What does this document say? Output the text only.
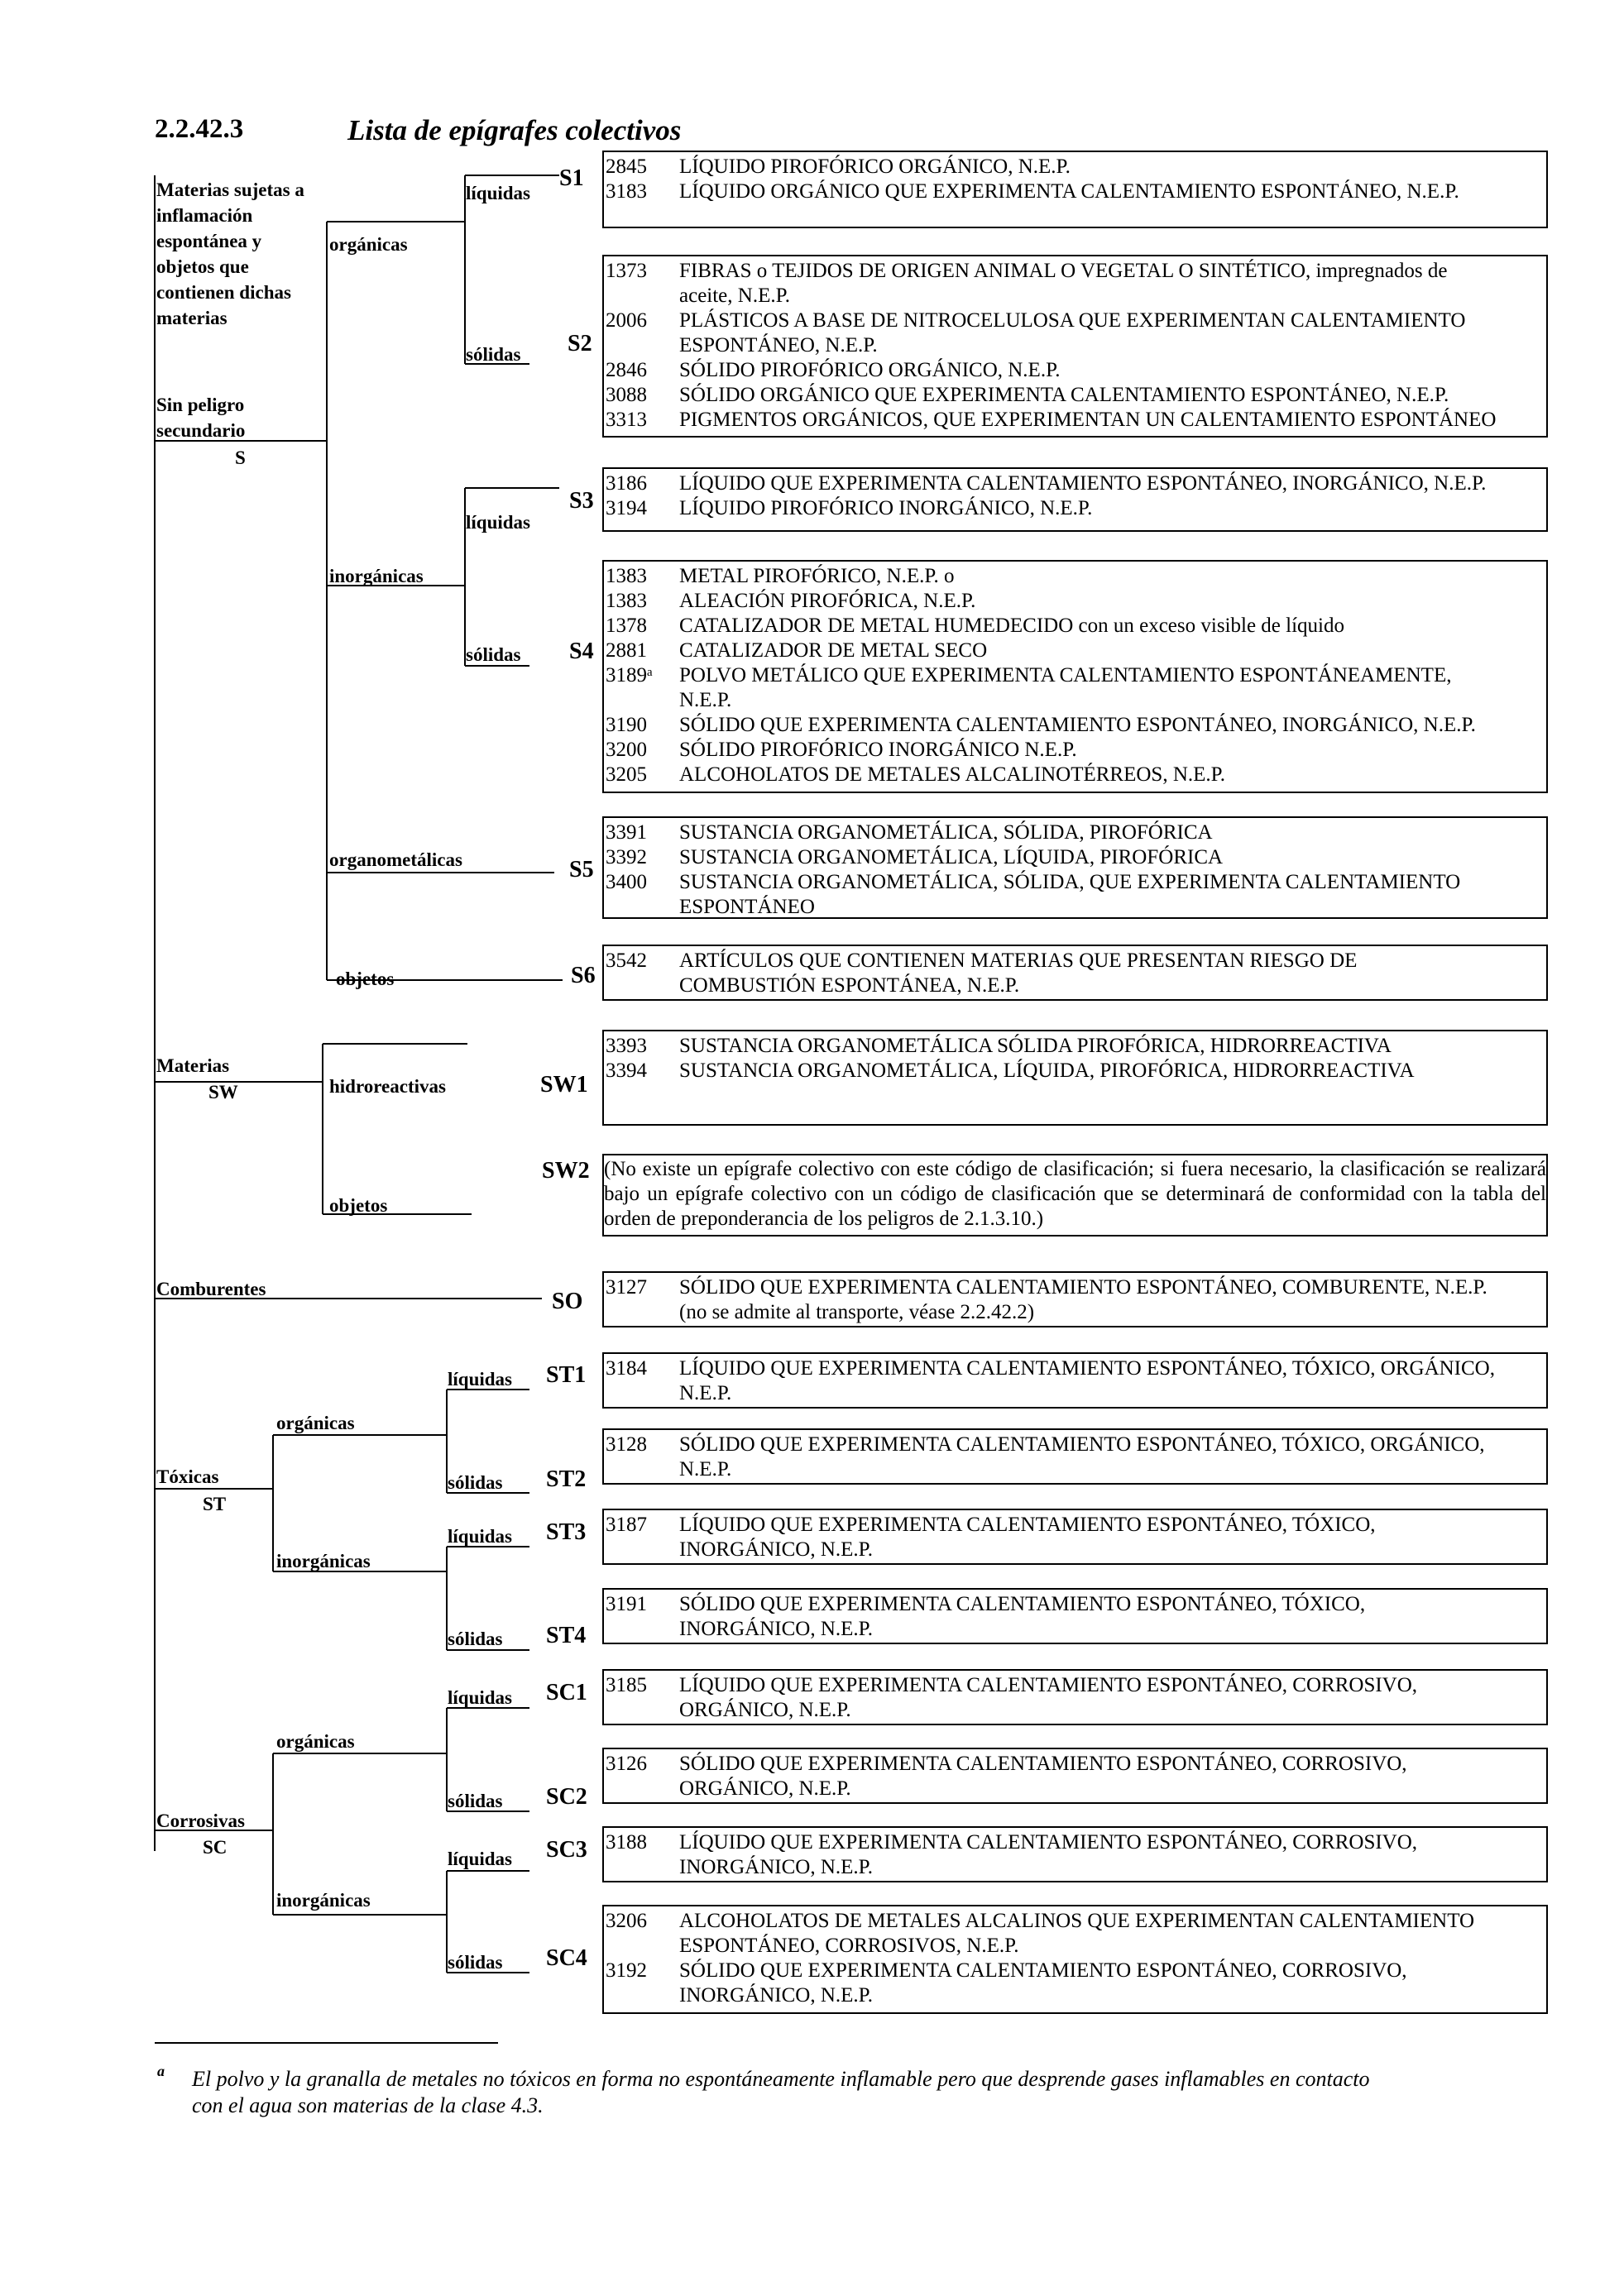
2.2.42.3	Lista de epígrafes colectivos
Materias sujetas a
inflamación
espontánea y
objetos que
contienen dichas
materias
Sin peligro
secundario
S
orgánicas
líquidas
sólidas
inorgánicas
líquidas
sólidas
organometálicas
objetos
Materias
SW	hidroreactivas
objetos
Comburentes
líquidas
orgánicas
Tóxicas
ST
sólidas
líquidas
inorgánicas
sólidas
líquidas
orgánicas
sólidas
Corrosivas
SC
líquidas
inorgánicas
sólidas
S1
S2
S3
S4
S5
S6
SW1
SW2
SO
ST1
ST2
ST3
ST4
SC1
SC2
SC3
SC4
2845 LÍQUIDO PIROFÓRICO ORGÁNICO, N.E.P.
3183 LÍQUIDO ORGÁNICO QUE EXPERIMENTA CALENTAMIENTO ESPONTÁNEO, N.E.P.
1373 FIBRAS o TEJIDOS DE ORIGEN ANIMAL O VEGETAL O SINTÉTICO, impregnados de
aceite, N.E.P.
2006 PLÁSTICOS A BASE DE NITROCELULOSA QUE EXPERIMENTAN CALENTAMIENTO
ESPONTÁNEO, N.E.P.
2846 SÓLIDO PIROFÓRICO ORGÁNICO, N.E.P.
3088 SÓLIDO ORGÁNICO QUE EXPERIMENTA CALENTAMIENTO ESPONTÁNEO, N.E.P.
3313 PIGMENTOS ORGÁNICOS, QUE EXPERIMENTAN UN CALENTAMIENTO ESPONTÁNEO
3186 LÍQUIDO QUE EXPERIMENTA CALENTAMIENTO ESPONTÁNEO, INORGÁNICO, N.E.P.
3194 LÍQUIDO PIROFÓRICO INORGÁNICO, N.E.P.
1383 METAL PIROFÓRICO, N.E.P. o
1383 ALEACIÓN PIROFÓRICA, N.E.P.
1378 CATALIZADOR DE METAL HUMEDECIDO con un exceso visible de líquido
2881 CATALIZADOR DE METAL SECO
3189ᵃ POLVO METÁLICO QUE EXPERIMENTA CALENTAMIENTO ESPONTÁNEAMENTE,
N.E.P.
3190 SÓLIDO QUE EXPERIMENTA CALENTAMIENTO ESPONTÁNEO, INORGÁNICO, N.E.P.
3200 SÓLIDO PIROFÓRICO INORGÁNICO N.E.P.
3205 ALCOHOLATOS DE METALES ALCALINOTÉRREOS, N.E.P.
3391 SUSTANCIA ORGANOMETÁLICA, SÓLIDA, PIROFÓRICA
3392 SUSTANCIA ORGANOMETÁLICA, LÍQUIDA, PIROFÓRICA
3400 SUSTANCIA ORGANOMETÁLICA, SÓLIDA, QUE EXPERIMENTA CALENTAMIENTO
ESPONTÁNEO
3542 ARTÍCULOS QUE CONTIENEN MATERIAS QUE PRESENTAN RIESGO DE
COMBUSTIÓN ESPONTÁNEA, N.E.P.
3393 SUSTANCIA ORGANOMETÁLICA SÓLIDA PIROFÓRICA, HIDRORREACTIVA
3394 SUSTANCIA ORGANOMETÁLICA, LÍQUIDA, PIROFÓRICA, HIDRORREACTIVA
(No existe un epígrafe colectivo con este código de clasificación; si fuera necesario, la clasificación se realizará bajo un epígrafe colectivo con un código de clasificación que se determinará de conformidad con la tabla del orden de preponderancia de los peligros de 2.1.3.10.)
3127 SÓLIDO QUE EXPERIMENTA CALENTAMIENTO ESPONTÁNEO, COMBURENTE, N.E.P.
(no se admite al transporte, véase 2.2.42.2)
3184 LÍQUIDO QUE EXPERIMENTA CALENTAMIENTO ESPONTÁNEO, TÓXICO, ORGÁNICO,
N.E.P.
3128 SÓLIDO QUE EXPERIMENTA CALENTAMIENTO ESPONTÁNEO, TÓXICO, ORGÁNICO,
N.E.P.
3187 LÍQUIDO QUE EXPERIMENTA CALENTAMIENTO ESPONTÁNEO, TÓXICO,
INORGÁNICO, N.E.P.
3191 SÓLIDO QUE EXPERIMENTA CALENTAMIENTO ESPONTÁNEO, TÓXICO,
INORGÁNICO, N.E.P.
3185 LÍQUIDO QUE EXPERIMENTA CALENTAMIENTO ESPONTÁNEO, CORROSIVO,
ORGÁNICO, N.E.P.
3126 SÓLIDO QUE EXPERIMENTA CALENTAMIENTO ESPONTÁNEO, CORROSIVO,
ORGÁNICO, N.E.P.
3188 LÍQUIDO QUE EXPERIMENTA CALENTAMIENTO ESPONTÁNEO, CORROSIVO,
INORGÁNICO, N.E.P.
3206 ALCOHOLATOS DE METALES ALCALINOS QUE EXPERIMENTAN CALENTAMIENTO
ESPONTÁNEO, CORROSIVOS, N.E.P.
3192 SÓLIDO QUE EXPERIMENTA CALENTAMIENTO ESPONTÁNEO, CORROSIVO,
INORGÁNICO, N.E.P.
a El polvo y la granalla de metales no tóxicos en forma no espontáneamente inflamable pero que desprende gases inflamables en contacto
con el agua son materias de la clase 4.3.
